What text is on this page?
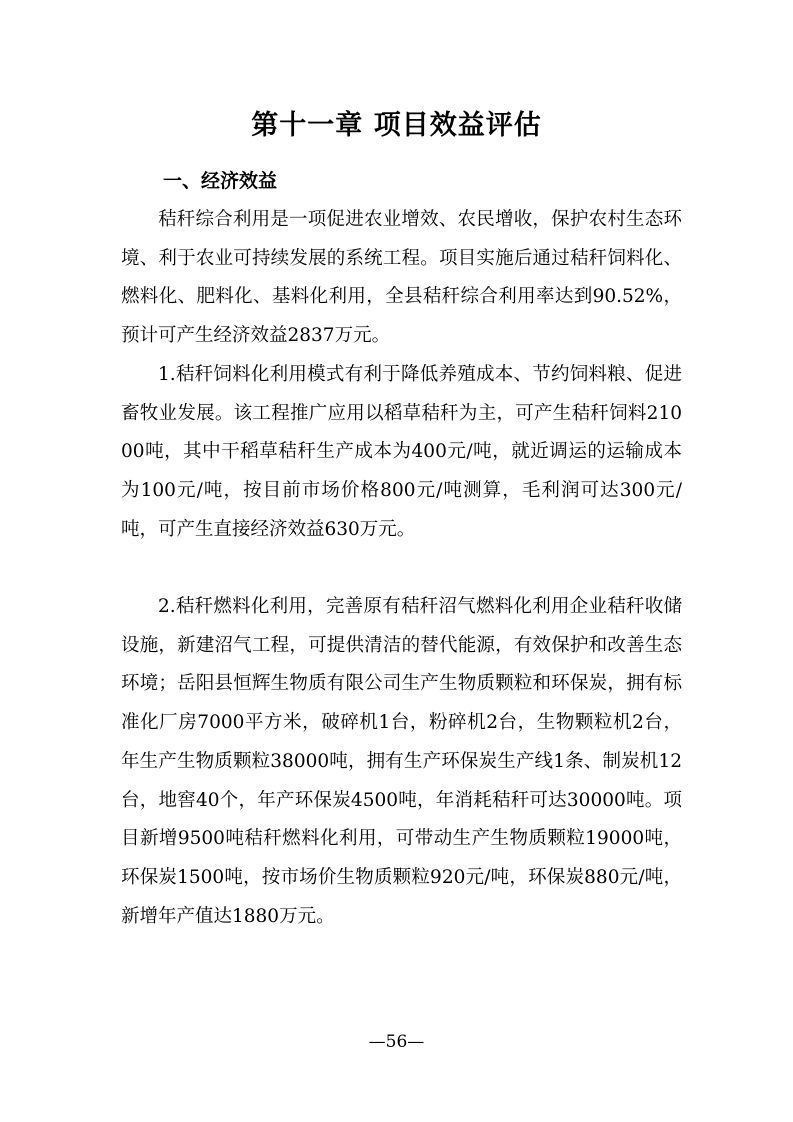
第十一章 项目效益评估
一、经济效益

秸秆综合利用是一项促进农业增效、农民增收，保护农村生态环境、利于农业可持续发展的系统工程。项目实施后通过秸秆饲料化、燃料化、肥料化、基料化利用，全县秸秆综合利用率达到90.52%，预计可产生经济效益2837万元。

1.秸秆饲料化利用模式有利于降低养殖成本、节约饲料粮、促进畜牧业发展。该工程推广应用以稻草秸秆为主，可产生秸秆饲料21000吨，其中干稻草秸秆生产成本为400元/吨，就近调运的运输成本为100元/吨，按目前市场价格800元/吨测算，毛利润可达300元/吨，可产生直接经济效益630万元。

2.秸秆燃料化利用，完善原有秸秆沼气燃料化利用企业秸秆收储设施，新建沼气工程，可提供清洁的替代能源，有效保护和改善生态环境；岳阳县恒辉生物质有限公司生产生物质颗粒和环保炭，拥有标准化厂房7000平方米，破碎机1台，粉碎机2台，生物颗粒机2台，年生产生物质颗粒38000吨，拥有生产环保炭生产线1条、制炭机12台，地窖40个，年产环保炭4500吨，年消耗秸秆可达30000吨。项目新增9500吨秸秆燃料化利用，可带动生产生物质颗粒19000吨，环保炭1500吨，按市场价生物质颗粒920元/吨，环保炭880元/吨，新增年产值达1880万元。

—56—
